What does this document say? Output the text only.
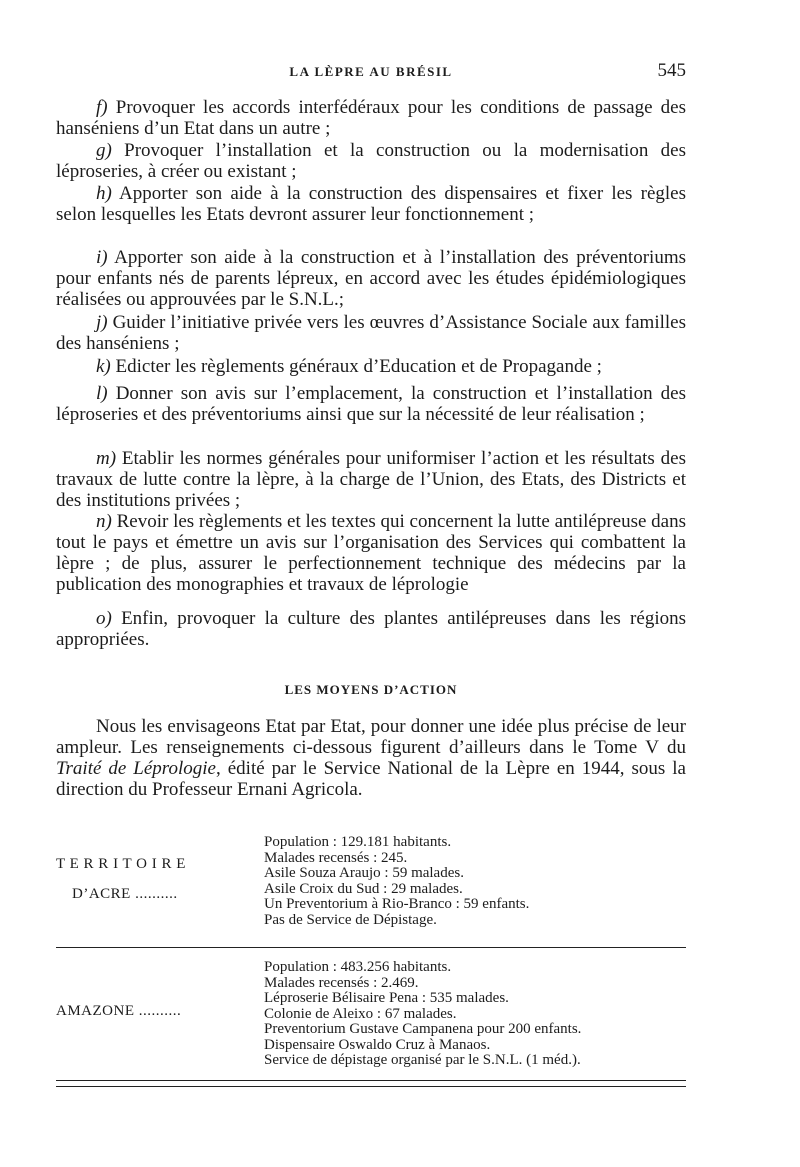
LA LÈPRE AU BRÉSIL	545

f) Provoquer les accords interfédéraux pour les conditions de passage des hanséniens d’un Etat dans un autre ;

g) Provoquer l’installation et la construction ou la modernisation des léproseries, à créer ou existant ;

h) Apporter son aide à la construction des dispensaires et fixer les règles selon lesquelles les Etats devront assurer leur fonctionnement ;

i) Apporter son aide à la construction et à l’installation des préventoriums pour enfants nés de parents lépreux, en accord avec les études épidémiologiques réalisées ou approuvées par le S.N.L.;

j) Guider l’initiative privée vers les œuvres d’Assistance Sociale aux familles des hanséniens ;

k) Edicter les règlements généraux d’Education et de Propagande ;

l) Donner son avis sur l’emplacement, la construction et l’installation des léproseries et des préventoriums ainsi que sur la nécessité de leur réalisation ;

m) Etablir les normes générales pour uniformiser l’action et les résultats des travaux de lutte contre la lèpre, à la charge de l’Union, des Etats, des Districts et des institutions privées ;

n) Revoir les règlements et les textes qui concernent la lutte antilépreuse dans tout le pays et émettre un avis sur l’organisation des Services qui combattent la lèpre ; de plus, assurer le perfectionnement technique des médecins par la publication des monographies et travaux de léprologie

o) Enfin, provoquer la culture des plantes antilépreuses dans les régions appropriées.

LES MOYENS D’ACTION

Nous les envisageons Etat par Etat, pour donner une idée plus précise de leur ampleur. Les renseignements ci-dessous figurent d’ailleurs dans le Tome V du Traité de Léprologie, édité par le Service National de la Lèpre en 1944, sous la direction du Professeur Ernani Agricola.

T E R R I T O I R E
D’ACRE ..........
Population : 129.181 habitants.
Malades recensés : 245.
Asile Souza Araujo : 59 malades.
Asile Croix du Sud : 29 malades.
Un Preventorium à Rio-Branco : 59 enfants.
Pas de Service de Dépistage.
AMAZONE ..........
Population : 483.256 habitants.
Malades recensés : 2.469.
Léproserie Bélisaire Pena : 535 malades.
Colonie de Aleixo : 67 malades.
Preventorium Gustave Campanena pour 200 enfants.
Dispensaire Oswaldo Cruz à Manaos.
Service de dépistage organisé par le S.N.L. (1 méd.).
